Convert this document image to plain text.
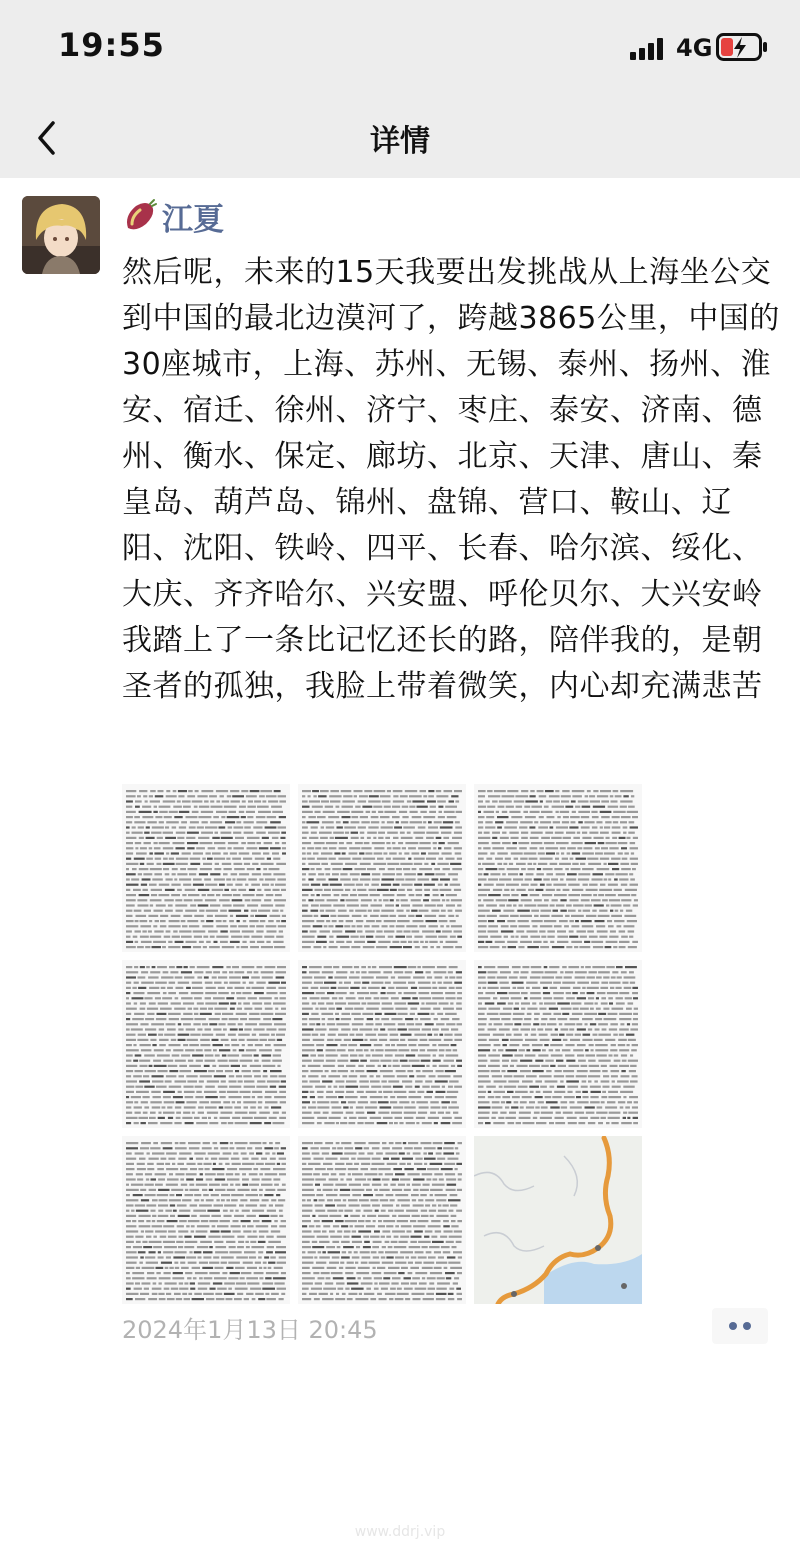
19:55	4G
详情
江夏

然后呢，未来的15天我要出发挑战从上海坐公交到中国的最北边漠河了，跨越3865公里，中国的30座城市，上海、苏州、无锡、泰州、扬州、淮安、宿迁、徐州、济宁、枣庄、泰安、济南、德州、衡水、保定、廊坊、北京、天津、唐山、秦皇岛、葫芦岛、锦州、盘锦、营口、鞍山、辽阳、沈阳、铁岭、四平、长春、哈尔滨、绥化、大庆、齐齐哈尔、兴安盟、呼伦贝尔、大兴安岭

我踏上了一条比记忆还长的路，陪伴我的，是朝圣者的孤独，我脸上带着微笑，内心却充满悲苦

2024年1月13日 20:45
www.ddrj.vip
